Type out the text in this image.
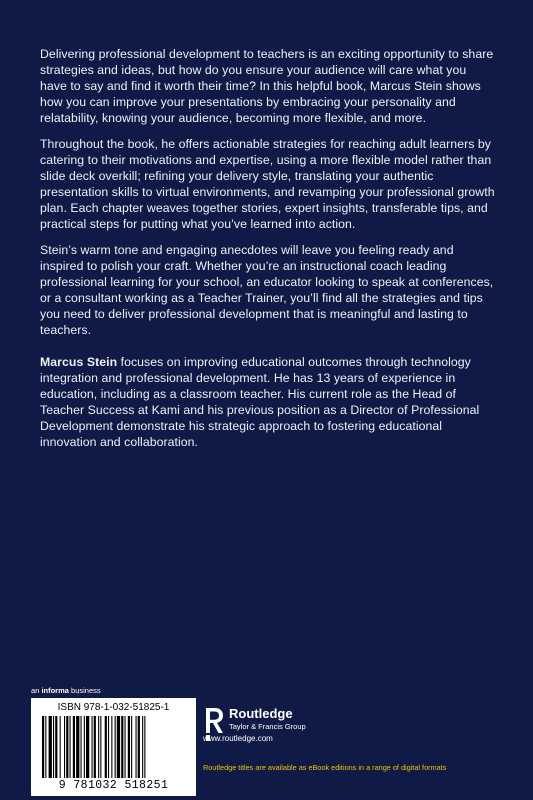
Delivering professional development to teachers is an exciting opportunity to share strategies and ideas, but how do you ensure your audience will care what you have to say and find it worth their time? In this helpful book, Marcus Stein shows how you can improve your presentations by embracing your personality and relatability, knowing your audience, becoming more flexible, and more.

Throughout the book, he offers actionable strategies for reaching adult learners by catering to their motivations and expertise, using a more flexible model rather than slide deck overkill; refining your delivery style, translating your authentic presentation skills to virtual environments, and revamping your professional growth plan. Each chapter weaves together stories, expert insights, transferable tips, and practical steps for putting what you’ve learned into action.

Stein’s warm tone and engaging anecdotes will leave you feeling ready and inspired to polish your craft. Whether you’re an instructional coach leading professional learning for your school, an educator looking to speak at conferences, or a consultant working as a Teacher Trainer, you’ll find all the strategies and tips you need to deliver professional development that is meaningful and lasting to teachers.

Marcus Stein focuses on improving educational outcomes through technology integration and professional development. He has 13 years of experience in education, including as a classroom teacher. His current role as the Head of Teacher Success at Kami and his previous position as a Director of Professional Development demonstrate his strategic approach to fostering educational innovation and collaboration.

an informa business
ISBN 978-1-032-51825-1
9 781032 518251
Routledge
Taylor & Francis Group
www.routledge.com
Routledge titles are available as eBook editions in a range of digital formats
